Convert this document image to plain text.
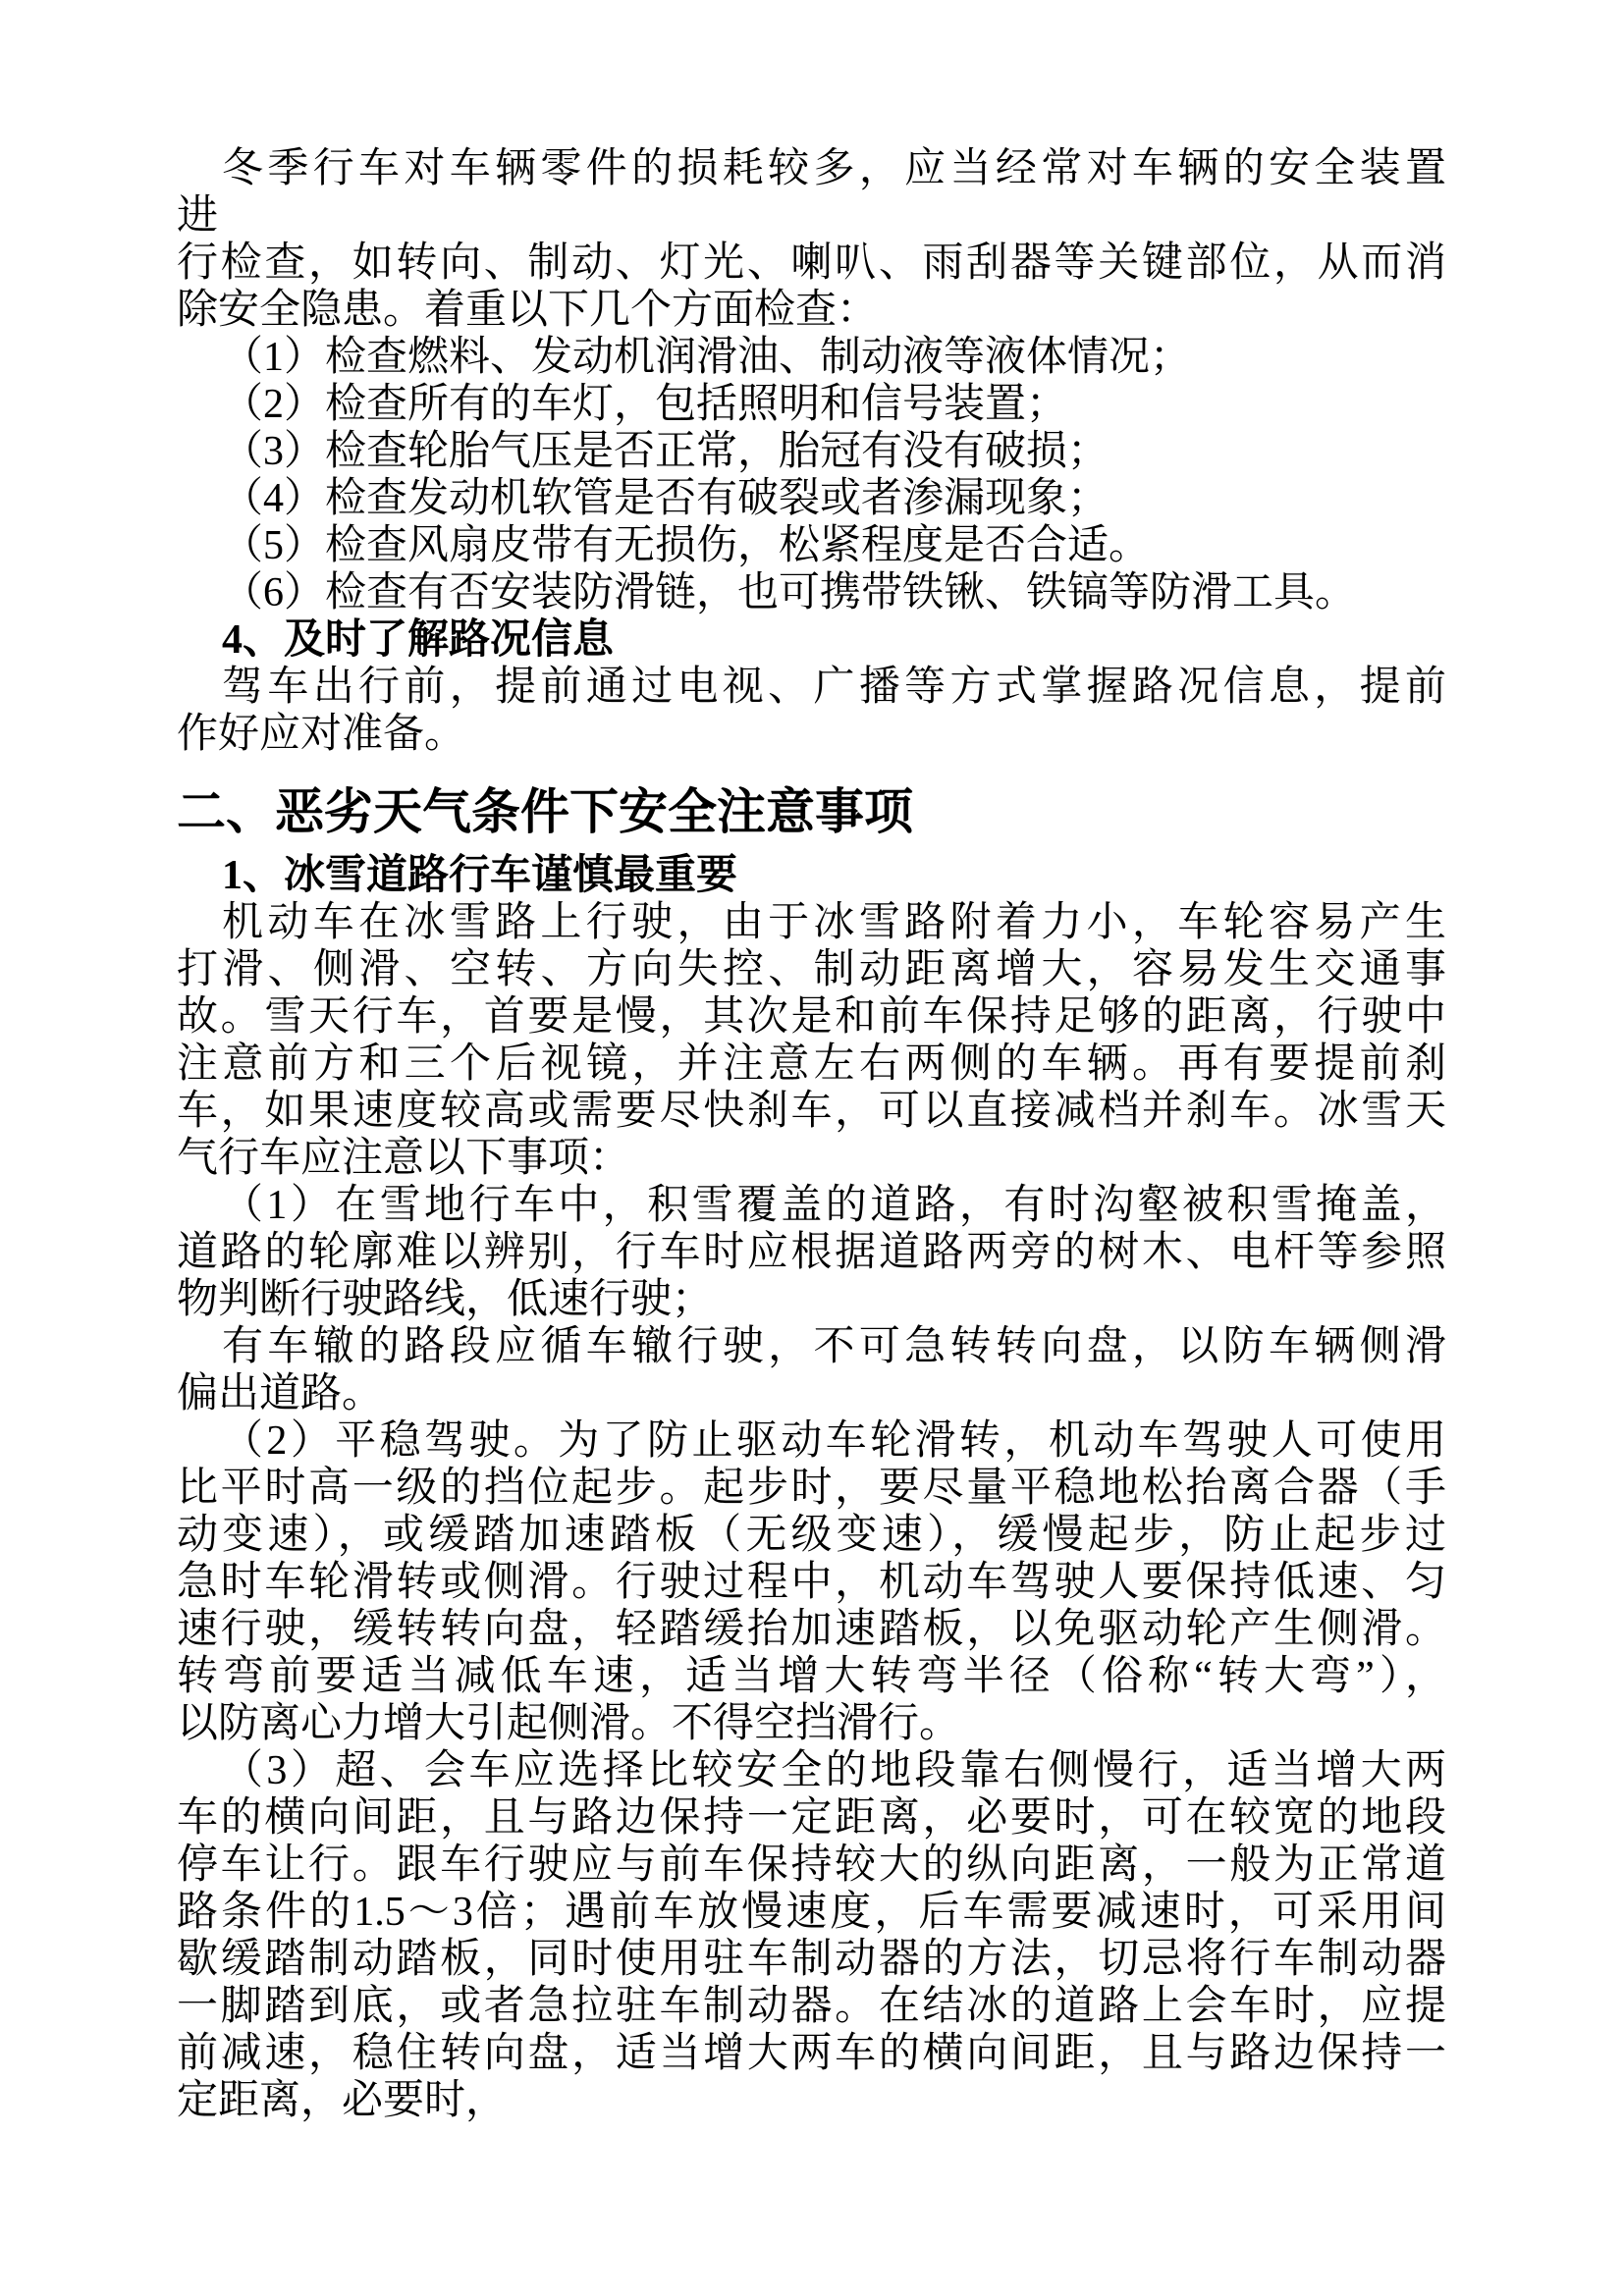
冬季行车对车辆零件的损耗较多，应当经常对车辆的安全装置
进
行检查，如转向、制动、灯光、喇叭、雨刮器等关键部位，从而消
除安全隐患。着重以下几个方面检查：
（1）检查燃料、发动机润滑油、制动液等液体情况；
（2）检查所有的车灯，包括照明和信号装置；
（3）检查轮胎气压是否正常，胎冠有没有破损；
（4）检查发动机软管是否有破裂或者渗漏现象；
（5）检查风扇皮带有无损伤，松紧程度是否合适。
（6）检查有否安装防滑链，也可携带铁锹、铁镐等防滑工具。
4、及时了解路况信息
驾车出行前，提前通过电视、广播等方式掌握路况信息，提前
作好应对准备。
二、恶劣天气条件下安全注意事项
1、冰雪道路行车谨慎最重要
机动车在冰雪路上行驶，由于冰雪路附着力小，车轮容易产生
打滑、侧滑、空转、方向失控、制动距离增大，容易发生交通事
故。雪天行车，首要是慢，其次是和前车保持足够的距离，行驶中
注意前方和三个后视镜，并注意左右两侧的车辆。再有要提前刹
车，如果速度较高或需要尽快刹车，可以直接减档并刹车。冰雪天
气行车应注意以下事项：
（1）在雪地行车中，积雪覆盖的道路，有时沟壑被积雪掩盖，
道路的轮廓难以辨别，行车时应根据道路两旁的树木、电杆等参照
物判断行驶路线，低速行驶；
有车辙的路段应循车辙行驶，不可急转转向盘，以防车辆侧滑
偏出道路。
（2）平稳驾驶。为了防止驱动车轮滑转，机动车驾驶人可使用
比平时高一级的挡位起步。起步时，要尽量平稳地松抬离合器（手
动变速），或缓踏加速踏板（无级变速），缓慢起步，防止起步过
急时车轮滑转或侧滑。行驶过程中，机动车驾驶人要保持低速、匀
速行驶，缓转转向盘，轻踏缓抬加速踏板，以免驱动轮产生侧滑。
转弯前要适当减低车速，适当增大转弯半径（俗称“转大弯”），
以防离心力增大引起侧滑。不得空挡滑行。
（3）超、会车应选择比较安全的地段靠右侧慢行，适当增大两
车的横向间距，且与路边保持一定距离，必要时，可在较宽的地段
停车让行。跟车行驶应与前车保持较大的纵向距离，一般为正常道
路条件的1.5～3倍；遇前车放慢速度，后车需要减速时，可采用间
歇缓踏制动踏板，同时使用驻车制动器的方法，切忌将行车制动器
一脚踏到底，或者急拉驻车制动器。在结冰的道路上会车时，应提
前减速，稳住转向盘，适当增大两车的横向间距，且与路边保持一
定距离，必要时，
